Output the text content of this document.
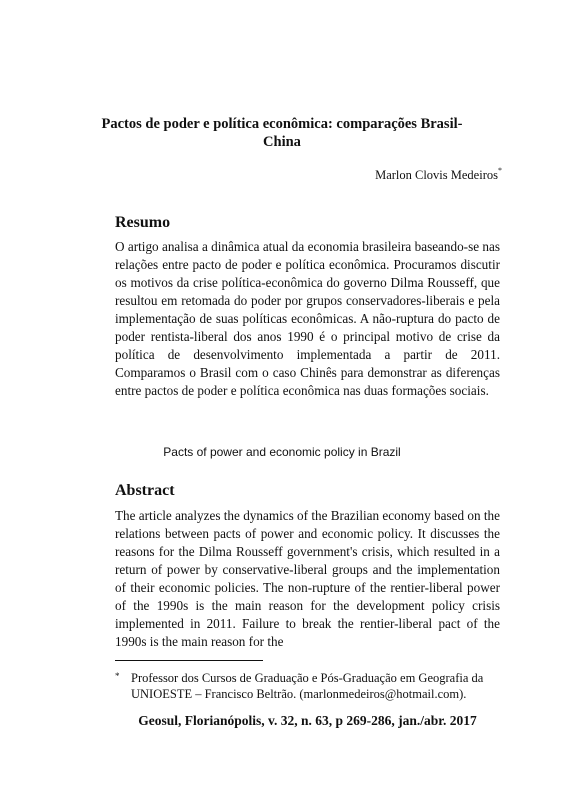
Pactos de poder e política econômica: comparações Brasil-China
Marlon Clovis Medeiros*
Resumo

O artigo analisa a dinâmica atual da economia brasileira baseando-se nas relações entre pacto de poder e política econômica. Procuramos discutir os motivos da crise política-econômica do governo Dilma Rousseff, que resultou em retomada do poder por grupos conservadores-liberais e pela implementação de suas políticas econômicas. A não-ruptura do pacto de poder rentista-liberal dos anos 1990 é o principal motivo de crise da política de desenvolvimento implementada a partir de 2011. Comparamos o Brasil com o caso Chinês para demonstrar as diferenças entre pactos de poder e política econômica nas duas formações sociais.

Pacts of power and economic policy in Brazil
Abstract

The article analyzes the dynamics of the Brazilian economy based on the relations between pacts of power and economic policy. It discusses the reasons for the Dilma Rousseff government's crisis, which resulted in a return of power by conservative-liberal groups and the implementation of their economic policies. The non-rupture of the rentier-liberal power of the 1990s is the main reason for the development policy crisis implemented in 2011. Failure to break the rentier-liberal pact of the 1990s is the main reason for the

* Professor dos Cursos de Graduação e Pós-Graduação em Geografia da UNIOESTE – Francisco Beltrão. (marlonmedeiros@hotmail.com).
Geosul, Florianópolis, v. 32, n. 63, p 269-286, jan./abr. 2017
